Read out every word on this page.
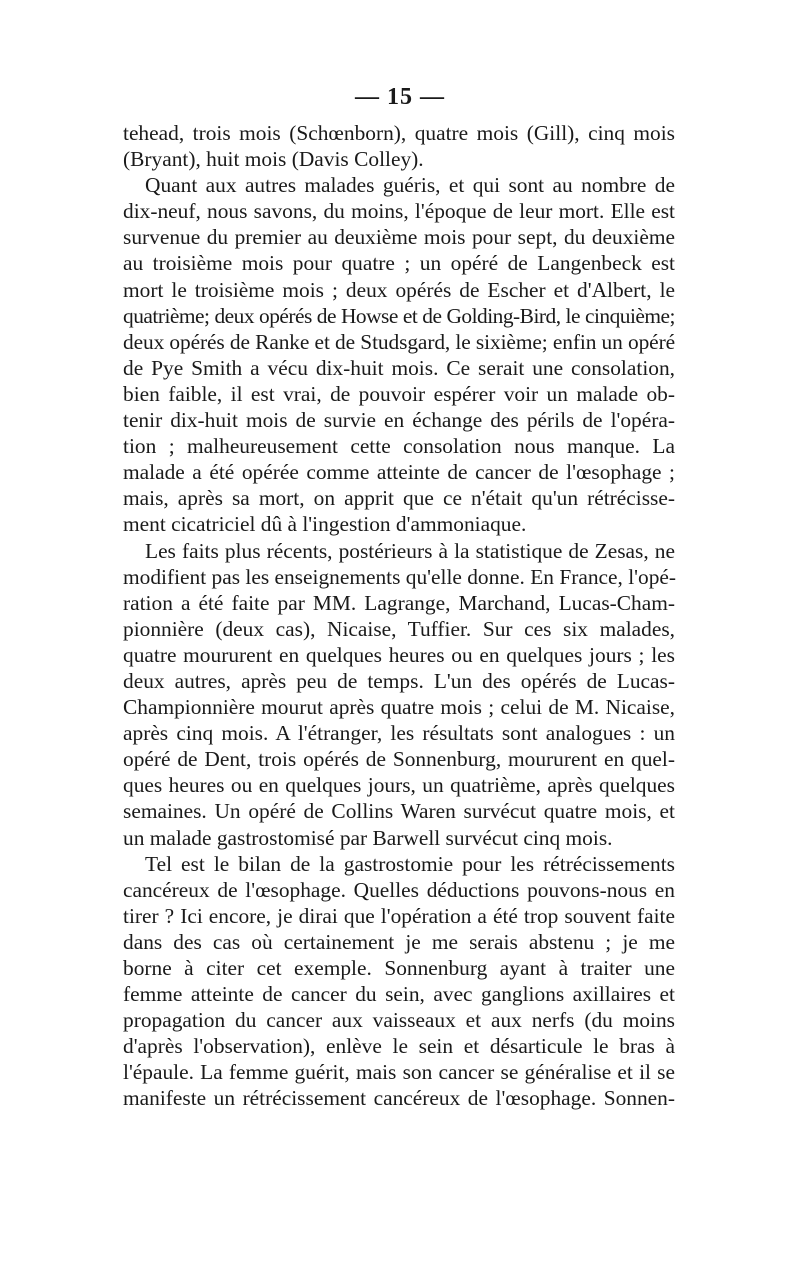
— 15 —
tehead, trois mois (Schœnborn), quatre mois (Gill), cinq mois
(Bryant), huit mois (Davis Colley).
Quant aux autres malades guéris, et qui sont au nombre de
dix-neuf, nous savons, du moins, l'époque de leur mort. Elle est
survenue du premier au deuxième mois pour sept, du deuxième
au troisième mois pour quatre ; un opéré de Langenbeck est
mort le troisième mois ; deux opérés de Escher et d'Albert, le
quatrième; deux opérés de Howse et de Golding-Bird, le cinquième;
deux opérés de Ranke et de Studsgard, le sixième; enfin un opéré
de Pye Smith a vécu dix-huit mois. Ce serait une consolation,
bien faible, il est vrai, de pouvoir espérer voir un malade ob-
tenir dix-huit mois de survie en échange des périls de l'opéra-
tion ; malheureusement cette consolation nous manque. La
malade a été opérée comme atteinte de cancer de l'œsophage ;
mais, après sa mort, on apprit que ce n'était qu'un rétrécisse-
ment cicatriciel dû à l'ingestion d'ammoniaque.
Les faits plus récents, postérieurs à la statistique de Zesas, ne
modifient pas les enseignements qu'elle donne. En France, l'opé-
ration a été faite par MM. Lagrange, Marchand, Lucas-Cham-
pionnière (deux cas), Nicaise, Tuffier. Sur ces six malades,
quatre moururent en quelques heures ou en quelques jours ; les
deux autres, après peu de temps. L'un des opérés de Lucas-
Championnière mourut après quatre mois ; celui de M. Nicaise,
après cinq mois. A l'étranger, les résultats sont analogues : un
opéré de Dent, trois opérés de Sonnenburg, moururent en quel-
ques heures ou en quelques jours, un quatrième, après quelques
semaines. Un opéré de Collins Waren survécut quatre mois, et
un malade gastrostomisé par Barwell survécut cinq mois.
Tel est le bilan de la gastrostomie pour les rétrécissements
cancéreux de l'œsophage. Quelles déductions pouvons-nous en
tirer ? Ici encore, je dirai que l'opération a été trop souvent faite
dans des cas où certainement je me serais abstenu ; je me
borne à citer cet exemple. Sonnenburg ayant à traiter une
femme atteinte de cancer du sein, avec ganglions axillaires et
propagation du cancer aux vaisseaux et aux nerfs (du moins
d'après l'observation), enlève le sein et désarticule le bras à
l'épaule. La femme guérit, mais son cancer se généralise et il se
manifeste un rétrécissement cancéreux de l'œsophage. Sonnen-
